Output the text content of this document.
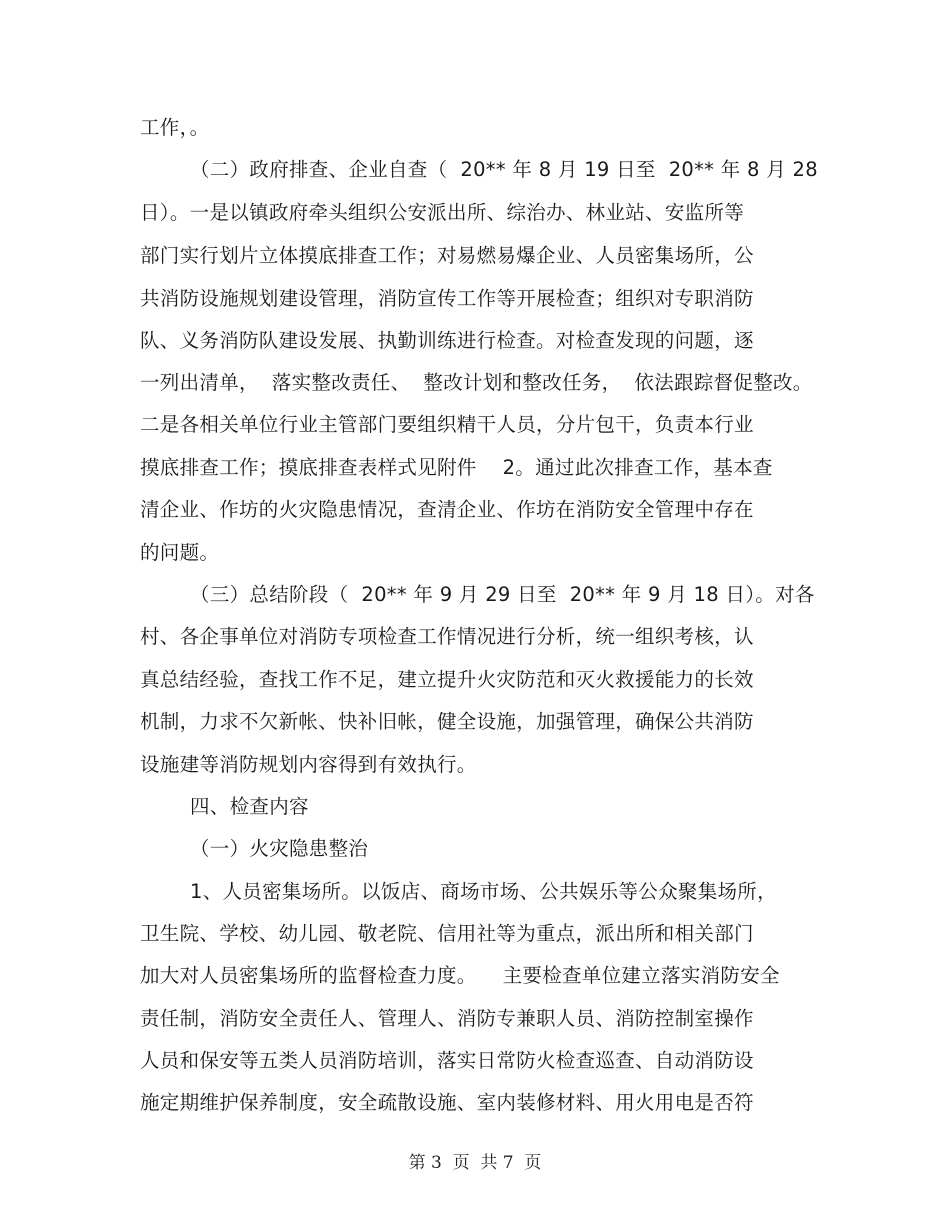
工作，。
（二）政府排查、企业自查（  20** 年 8 月 19 日至  20** 年 8 月 28
日）。一是以镇政府牵头组织公安派出所、综治办、林业站、安监所等
部门实行划片立体摸底排查工作；对易燃易爆企业、人员密集场所，公
共消防设施规划建设管理，消防宣传工作等开展检查；组织对专职消防
队、义务消防队建设发展、执勤训练进行检查。对检查发现的问题，逐
一列出清单，  落实整改责任、  整改计划和整改任务，  依法跟踪督促整改。
二是各相关单位行业主管部门要组织精干人员，分片包干，负责本行业
摸底排查工作；摸底排查表样式见附件    2。通过此次排查工作，基本查
清企业、作坊的火灾隐患情况，查清企业、作坊在消防安全管理中存在
的问题。
（三）总结阶段（  20** 年 9 月 29 日至  20** 年 9 月 18 日）。对各
村、各企事单位对消防专项检查工作情况进行分析，统一组织考核，认
真总结经验，查找工作不足，建立提升火灾防范和灭火救援能力的长效
机制，力求不欠新帐、快补旧帐，健全设施，加强管理，确保公共消防
设施建等消防规划内容得到有效执行。
四、检查内容
（一）火灾隐患整治
1、人员密集场所。以饭店、商场市场、公共娱乐等公众聚集场所，
卫生院、学校、幼儿园、敬老院、信用社等为重点，派出所和相关部门
加大对人员密集场所的监督检查力度。    主要检查单位建立落实消防安全
责任制，消防安全责任人、管理人、消防专兼职人员、消防控制室操作
人员和保安等五类人员消防培训，落实日常防火检查巡查、自动消防设
施定期维护保养制度，安全疏散设施、室内装修材料、用火用电是否符
第 3  页  共 7  页
